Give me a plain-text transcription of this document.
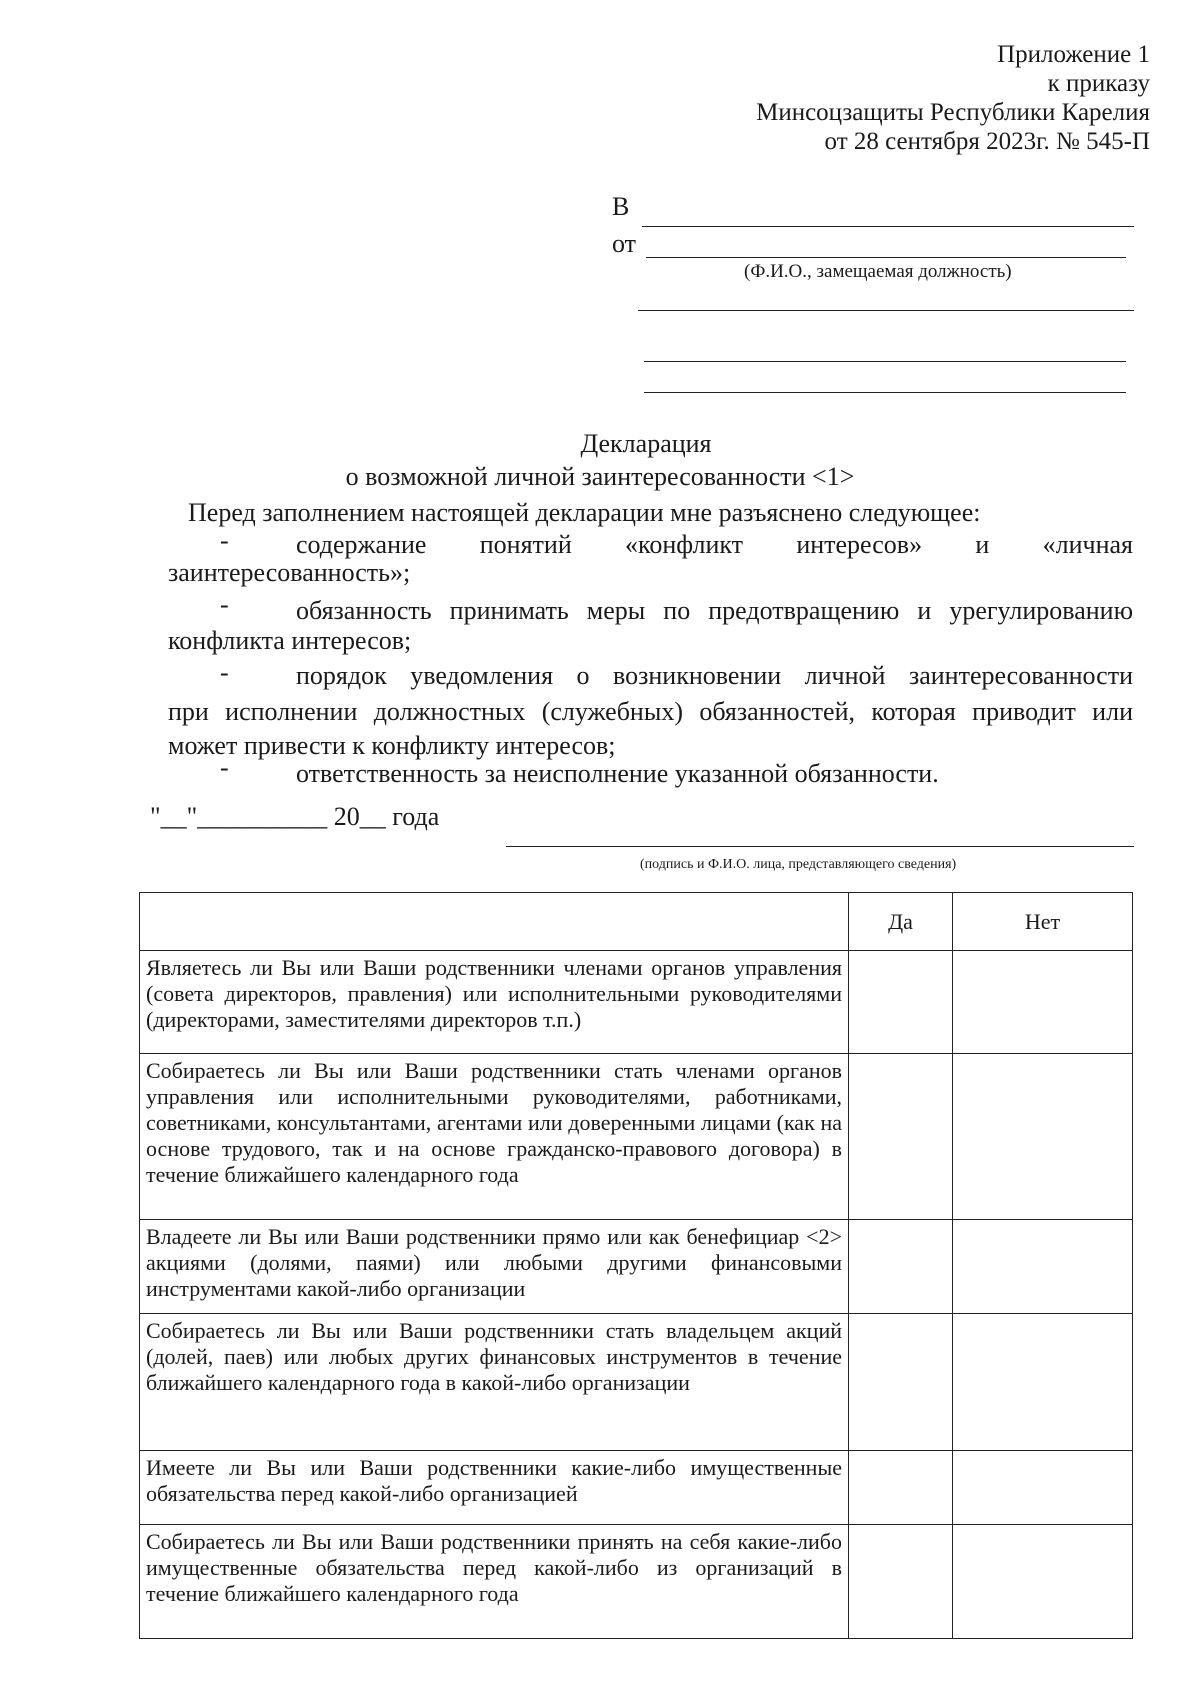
Приложение 1
к приказу
Минсоцзащиты Республики Карелия
от 28 сентября 2023г. № 545-П
В
от
(Ф.И.О., замещаемая должность)
Декларация
о возможной личной заинтересованности <1>
Перед заполнением настоящей декларации мне разъяснено следующее:
-	содержание понятий «конфликт интересов» и «личная
заинтересованность»;
-	обязанность принимать меры по предотвращению и урегулированию
конфликта интересов;
-	порядок уведомления о возникновении личной заинтересованности
при исполнении должностных (служебных) обязанностей, которая приводит или может привести к конфликту интересов;
-	ответственность за неисполнение указанной обязанности.
"__"__________ 20__ года
(подпись и Ф.И.О. лица, представляющего сведения)
	Да	Нет
Являетесь ли Вы или Ваши родственники членами органов управления (совета директоров, правления) или исполнительными руководителями (директорами, заместителями директоров т.п.)		
Собираетесь ли Вы или Ваши родственники стать членами органов управления или исполнительными руководителями, работниками, советниками, консультантами, агентами или доверенными лицами (как на основе трудового, так и на основе гражданско-правового договора) в течение ближайшего календарного года		
Владеете ли Вы или Ваши родственники прямо или как бенефициар <2> акциями (долями, паями) или любыми другими финансовыми инструментами какой-либо организации		
Собираетесь ли Вы или Ваши родственники стать владельцем акций (долей, паев) или любых других финансовых инструментов в течение ближайшего календарного года в какой-либо организации		
Имеете ли Вы или Ваши родственники какие-либо имущественные обязательства перед какой-либо организацией		
Собираетесь ли Вы или Ваши родственники принять на себя какие-либо имущественные обязательства перед какой-либо из организаций в течение ближайшего календарного года		
